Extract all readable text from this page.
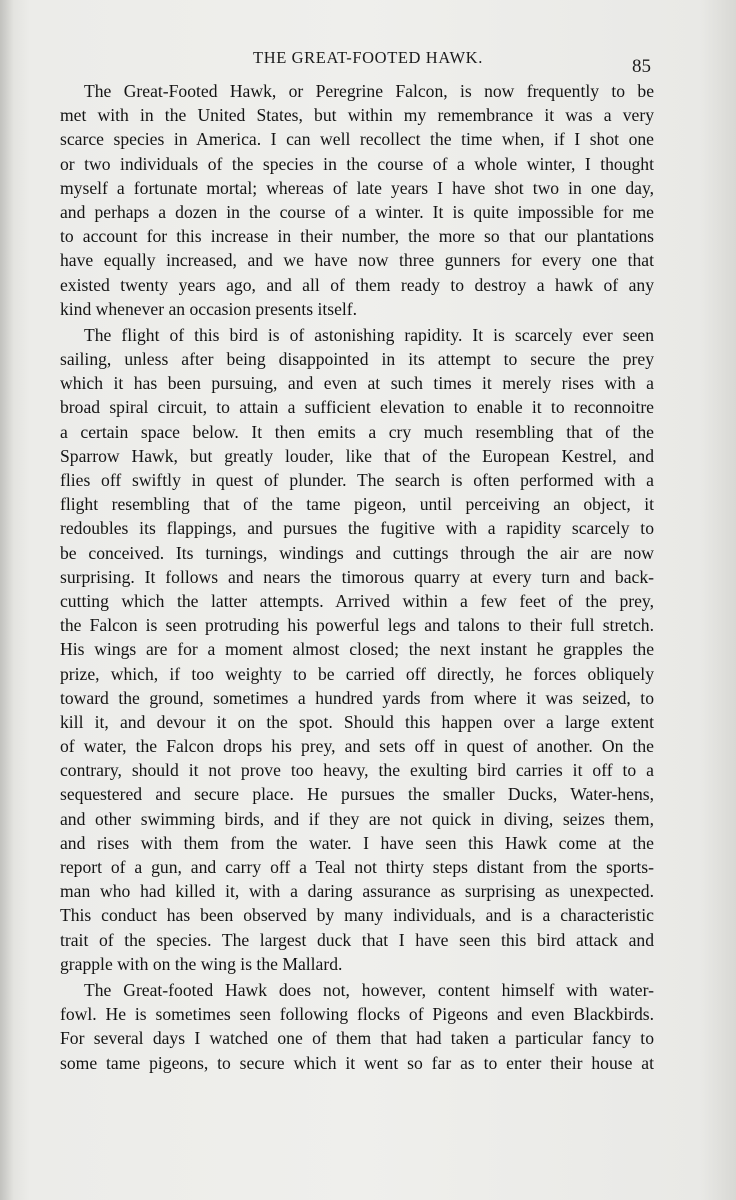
THE GREAT-FOOTED HAWK.	85
The Great-Footed Hawk, or Peregrine Falcon, is now frequently to be
met with in the United States, but within my remembrance it was a very
scarce species in America. I can well recollect the time when, if I shot one
or two individuals of the species in the course of a whole winter, I thought
myself a fortunate mortal; whereas of late years I have shot two in one day,
and perhaps a dozen in the course of a winter. It is quite impossible for me
to account for this increase in their number, the more so that our plantations
have equally increased, and we have now three gunners for every one that
existed twenty years ago, and all of them ready to destroy a hawk of any
kind whenever an occasion presents itself.
The flight of this bird is of astonishing rapidity. It is scarcely ever seen
sailing, unless after being disappointed in its attempt to secure the prey
which it has been pursuing, and even at such times it merely rises with a
broad spiral circuit, to attain a sufficient elevation to enable it to reconnoitre
a certain space below. It then emits a cry much resembling that of the
Sparrow Hawk, but greatly louder, like that of the European Kestrel, and
flies off swiftly in quest of plunder. The search is often performed with a
flight resembling that of the tame pigeon, until perceiving an object, it
redoubles its flappings, and pursues the fugitive with a rapidity scarcely to
be conceived. Its turnings, windings and cuttings through the air are now
surprising. It follows and nears the timorous quarry at every turn and back-
cutting which the latter attempts. Arrived within a few feet of the prey,
the Falcon is seen protruding his powerful legs and talons to their full stretch.
His wings are for a moment almost closed; the next instant he grapples the
prize, which, if too weighty to be carried off directly, he forces obliquely
toward the ground, sometimes a hundred yards from where it was seized, to
kill it, and devour it on the spot. Should this happen over a large extent
of water, the Falcon drops his prey, and sets off in quest of another. On the
contrary, should it not prove too heavy, the exulting bird carries it off to a
sequestered and secure place. He pursues the smaller Ducks, Water-hens,
and other swimming birds, and if they are not quick in diving, seizes them,
and rises with them from the water. I have seen this Hawk come at the
report of a gun, and carry off a Teal not thirty steps distant from the sports-
man who had killed it, with a daring assurance as surprising as unexpected.
This conduct has been observed by many individuals, and is a characteristic
trait of the species. The largest duck that I have seen this bird attack and
grapple with on the wing is the Mallard.
The Great-footed Hawk does not, however, content himself with water-
fowl. He is sometimes seen following flocks of Pigeons and even Blackbirds.
For several days I watched one of them that had taken a particular fancy to
some tame pigeons, to secure which it went so far as to enter their house at
